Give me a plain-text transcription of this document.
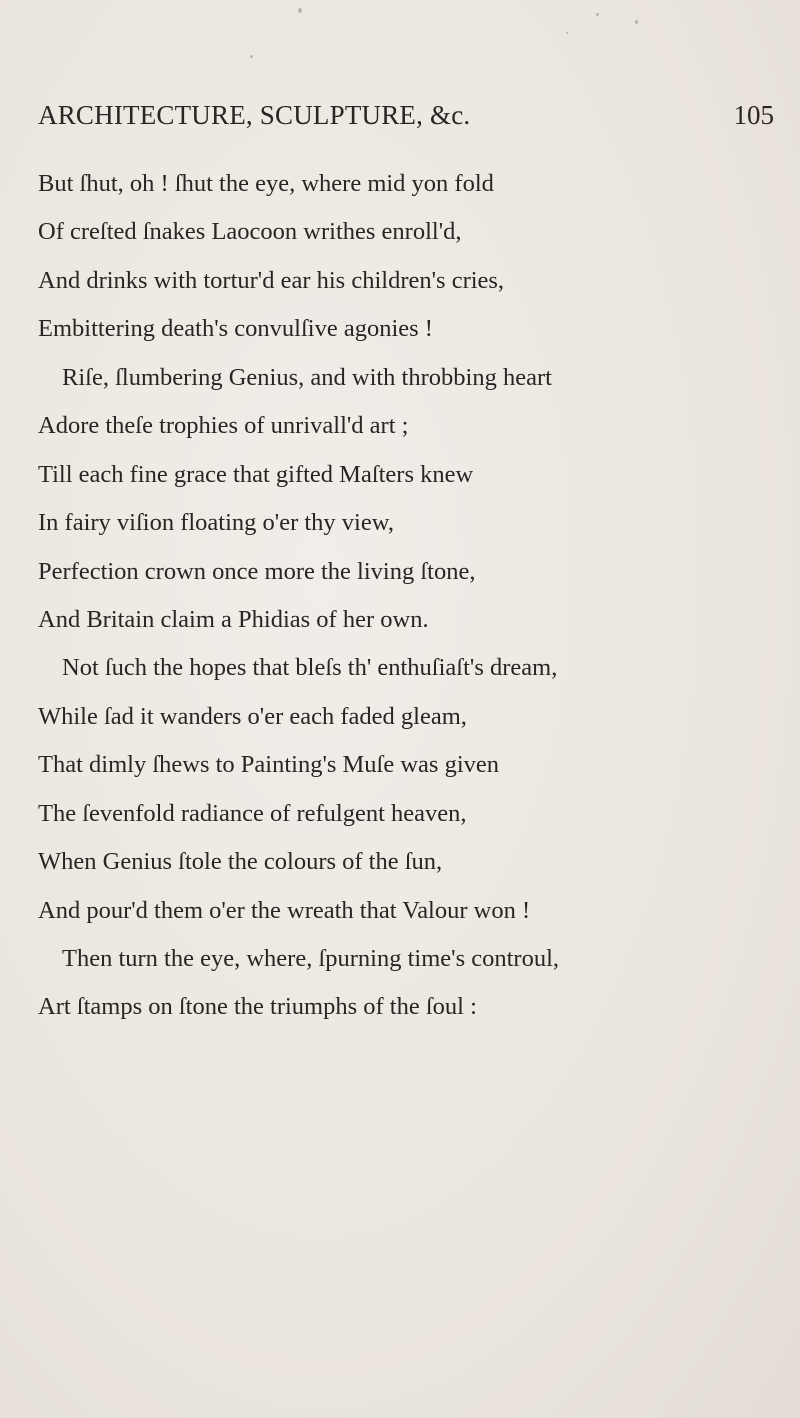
ARCHITECTURE, SCULPTURE, &c.	105
But ſhut, oh ! ſhut the eye, where mid yon fold
Of creſted ſnakes Laocoon writhes enroll'd,
And drinks with tortur'd ear his children's cries,
Embittering death's convulſive agonies !
Riſe, ſlumbering Genius, and with throbbing heart
Adore theſe trophies of unrivall'd art ;
Till each fine grace that gifted Maſters knew
In fairy viſion floating o'er thy view,
Perfection crown once more the living ſtone,
And Britain claim a Phidias of her own.
Not ſuch the hopes that bleſs th' enthuſiaſt's dream,
While ſad it wanders o'er each faded gleam,
That dimly ſhews to Painting's Muſe was given
The ſevenfold radiance of refulgent heaven,
When Genius ſtole the colours of the ſun,
And pour'd them o'er the wreath that Valour won !
Then turn the eye, where, ſpurning time's controul,
Art ſtamps on ſtone the triumphs of the ſoul :
